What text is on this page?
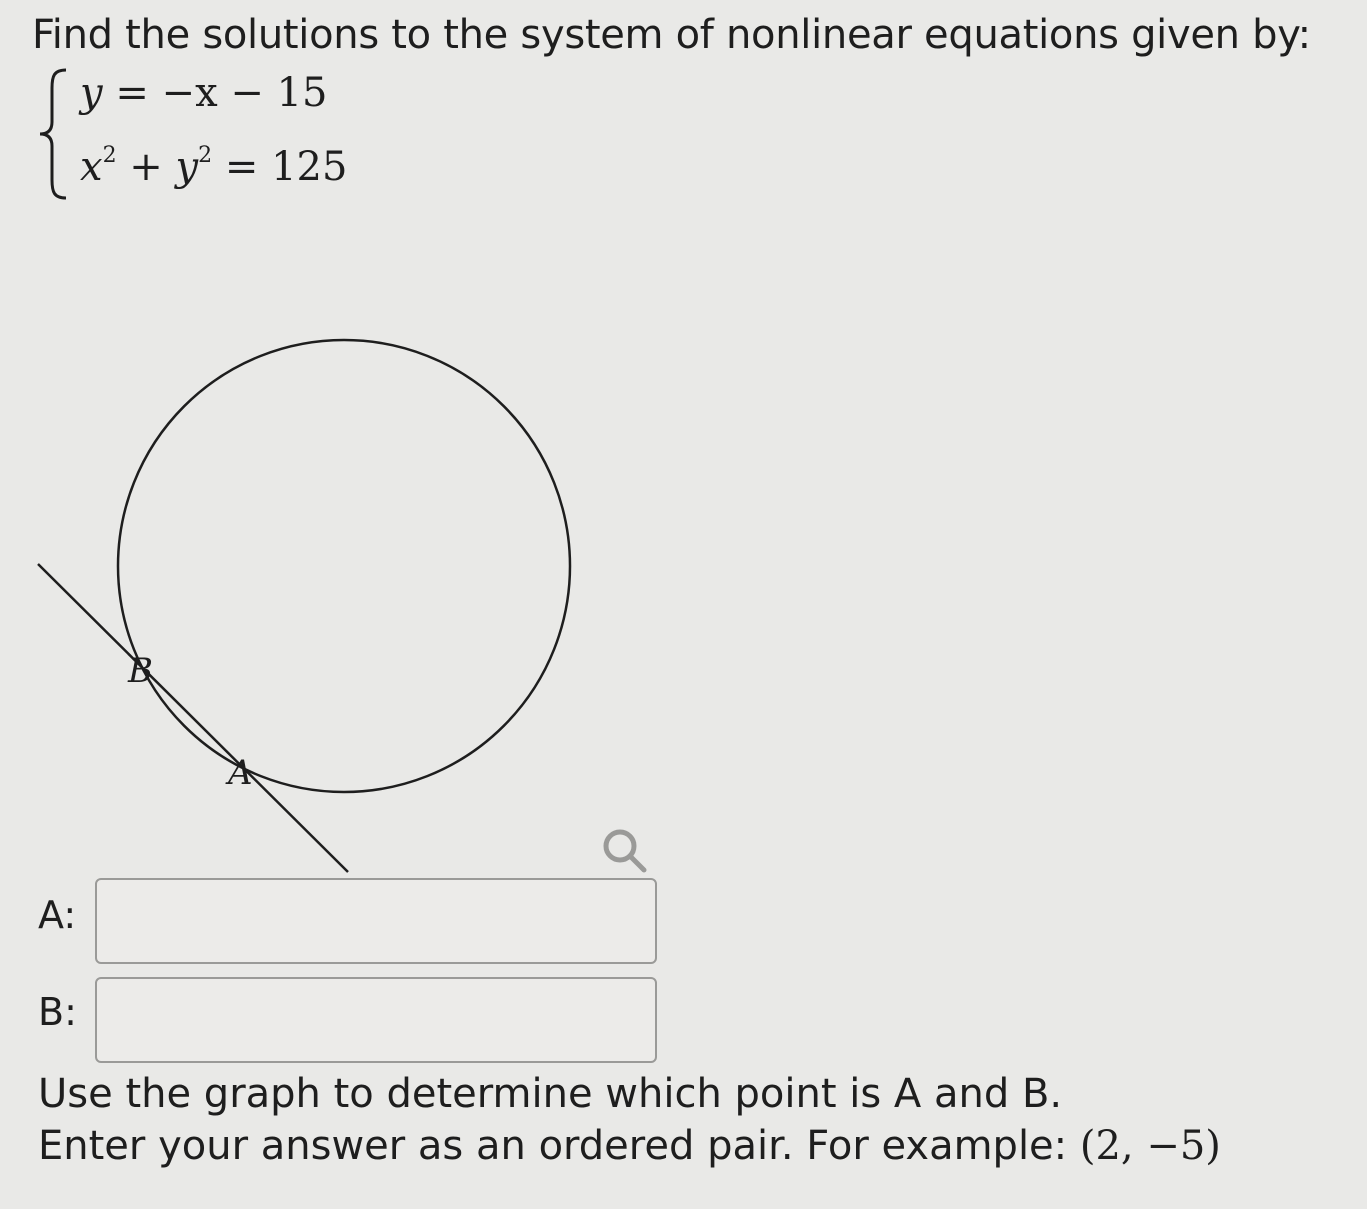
Find the solutions to the system of nonlinear equations given by:
y = −x − 15
$x^2 + y^2 = 125$
B
A
A:
B:
Use the graph to determine which point is A and B.
Enter your answer as an ordered pair. For example: (2, −5)
